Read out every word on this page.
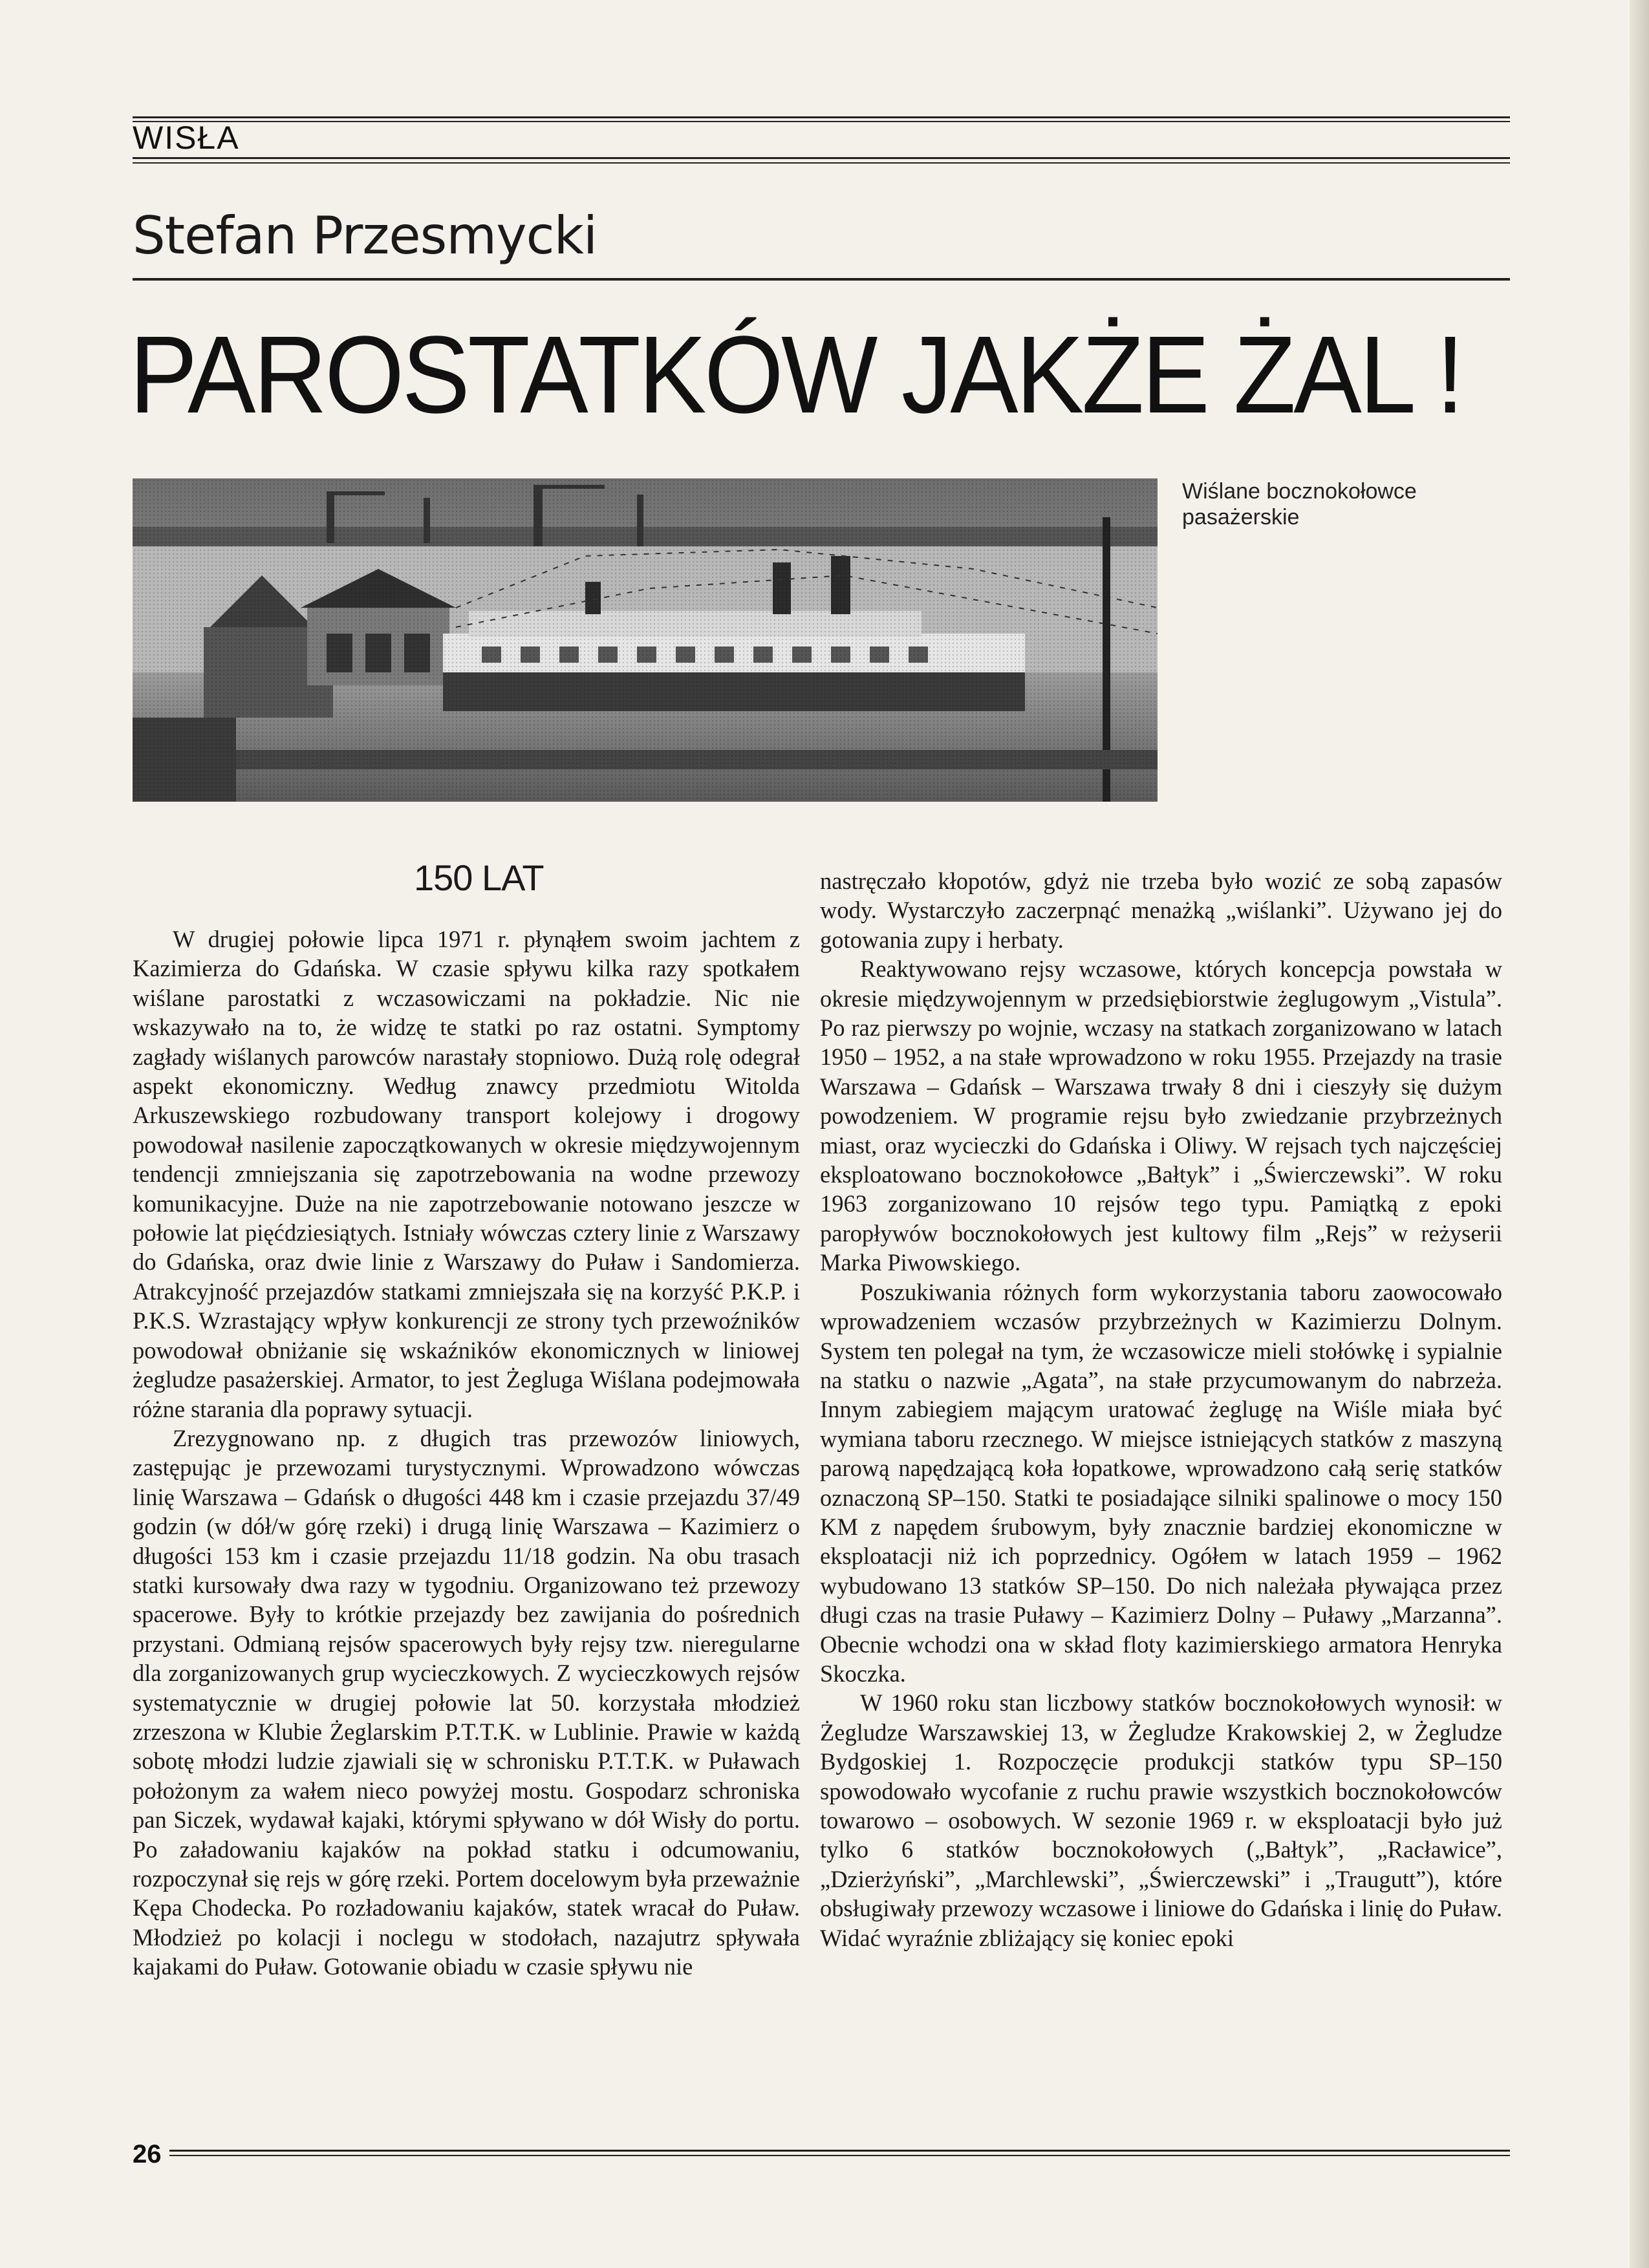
WISŁA
Stefan Przesmycki
PAROSTATKÓW JAKŻE ŻAL !
Wiślane bocznokołowce pasażerskie
150 LAT

W drugiej połowie lipca 1971 r. płynąłem swoim jachtem z Kazimierza do Gdańska. W czasie spływu kilka razy spotkałem wiślane parostatki z wczasowiczami na pokładzie. Nic nie wskazywało na to, że widzę te statki po raz ostatni. Symptomy zagłady wiślanych parowców narastały stopniowo. Dużą rolę odegrał aspekt ekonomiczny. Według znawcy przedmiotu Witolda Arkuszewskiego rozbudowany transport kolejowy i drogowy powodował nasilenie zapoczątkowanych w okresie międzywojennym tendencji zmniejszania się zapotrzebowania na wodne przewozy komunikacyjne. Duże na nie zapotrzebowanie notowano jeszcze w połowie lat pięćdziesiątych. Istniały wówczas cztery linie z Warszawy do Gdańska, oraz dwie linie z Warszawy do Puław i Sandomierza. Atrakcyjność przejazdów statkami zmniejszała się na korzyść P.K.P. i P.K.S. Wzrastający wpływ konkurencji ze strony tych przewoźników powodował obniżanie się wskaźników ekonomicznych w liniowej żegludze pasażerskiej. Armator, to jest Żegluga Wiślana podejmowała różne starania dla poprawy sytuacji.

Zrezygnowano np. z długich tras przewozów liniowych, zastępując je przewozami turystycznymi. Wprowadzono wówczas linię Warszawa – Gdańsk o długości 448 km i czasie przejazdu 37/49 godzin (w dół/w górę rzeki) i drugą linię Warszawa – Kazimierz o długości 153 km i czasie przejazdu 11/18 godzin. Na obu trasach statki kursowały dwa razy w tygodniu. Organizowano też przewozy spacerowe. Były to krótkie przejazdy bez zawijania do pośrednich przystani. Odmianą rejsów spacerowych były rejsy tzw. nieregularne dla zorganizowanych grup wycieczkowych. Z wycieczkowych rejsów systematycznie w drugiej połowie lat 50. korzystała młodzież zrzeszona w Klubie Żeglarskim P.T.T.K. w Lublinie. Prawie w każdą sobotę młodzi ludzie zjawiali się w schronisku P.T.T.K. w Puławach położonym za wałem nieco powyżej mostu. Gospodarz schroniska pan Siczek, wydawał kajaki, którymi spływano w dół Wisły do portu. Po załadowaniu kajaków na pokład statku i odcumowaniu, rozpoczynał się rejs w górę rzeki. Portem docelowym była przeważnie Kępa Chodecka. Po rozładowaniu kajaków, statek wracał do Puław. Młodzież po kolacji i noclegu w stodołach, nazajutrz spływała kajakami do Puław. Gotowanie obiadu w czasie spływu nie

nastręczało kłopotów, gdyż nie trzeba było wozić ze sobą zapasów wody. Wystarczyło zaczerpnąć menażką „wiślanki”. Używano jej do gotowania zupy i herbaty.

Reaktywowano rejsy wczasowe, których koncepcja powstała w okresie międzywojennym w przedsiębiorstwie żeglugowym „Vistula”. Po raz pierwszy po wojnie, wczasy na statkach zorganizowano w latach 1950 – 1952, a na stałe wprowadzono w roku 1955. Przejazdy na trasie Warszawa – Gdańsk – Warszawa trwały 8 dni i cieszyły się dużym powodzeniem. W programie rejsu było zwiedzanie przybrzeżnych miast, oraz wycieczki do Gdańska i Oliwy. W rejsach tych najczęściej eksploatowano bocznokołowce „Bałtyk” i „Świerczewski”. W roku 1963 zorganizowano 10 rejsów tego typu. Pamiątką z epoki paropływów bocznokołowych jest kultowy film „Rejs” w reżyserii Marka Piwowskiego.

Poszukiwania różnych form wykorzystania taboru zaowocowało wprowadzeniem wczasów przybrzeżnych w Kazimierzu Dolnym. System ten polegał na tym, że wczasowicze mieli stołówkę i sypialnie na statku o nazwie „Agata”, na stałe przycumowanym do nabrzeża. Innym zabiegiem mającym uratować żeglugę na Wiśle miała być wymiana taboru rzecznego. W miejsce istniejących statków z maszyną parową napędzającą koła łopatkowe, wprowadzono całą serię statków oznaczoną SP–150. Statki te posiadające silniki spalinowe o mocy 150 KM z napędem śrubowym, były znacznie bardziej ekonomiczne w eksploatacji niż ich poprzednicy. Ogółem w latach 1959 – 1962 wybudowano 13 statków SP–150. Do nich należała pływająca przez długi czas na trasie Puławy – Kazimierz Dolny – Puławy „Marzanna”. Obecnie wchodzi ona w skład floty kazimierskiego armatora Henryka Skoczka.

W 1960 roku stan liczbowy statków bocznokołowych wynosił: w Żegludze Warszawskiej 13, w Żegludze Krakowskiej 2, w Żegludze Bydgoskiej 1. Rozpoczęcie produkcji statków typu SP–150 spowodowało wycofanie z ruchu prawie wszystkich bocznokołowców towarowo – osobowych. W sezonie 1969 r. w eksploatacji było już tylko 6 statków bocznokołowych („Bałtyk”, „Racławice”, „Dzierżyński”, „Marchlewski”, „Świerczewski” i „Traugutt”), które obsługiwały przewozy wczasowe i liniowe do Gdańska i linię do Puław. Widać wyraźnie zbliżający się koniec epoki

26
